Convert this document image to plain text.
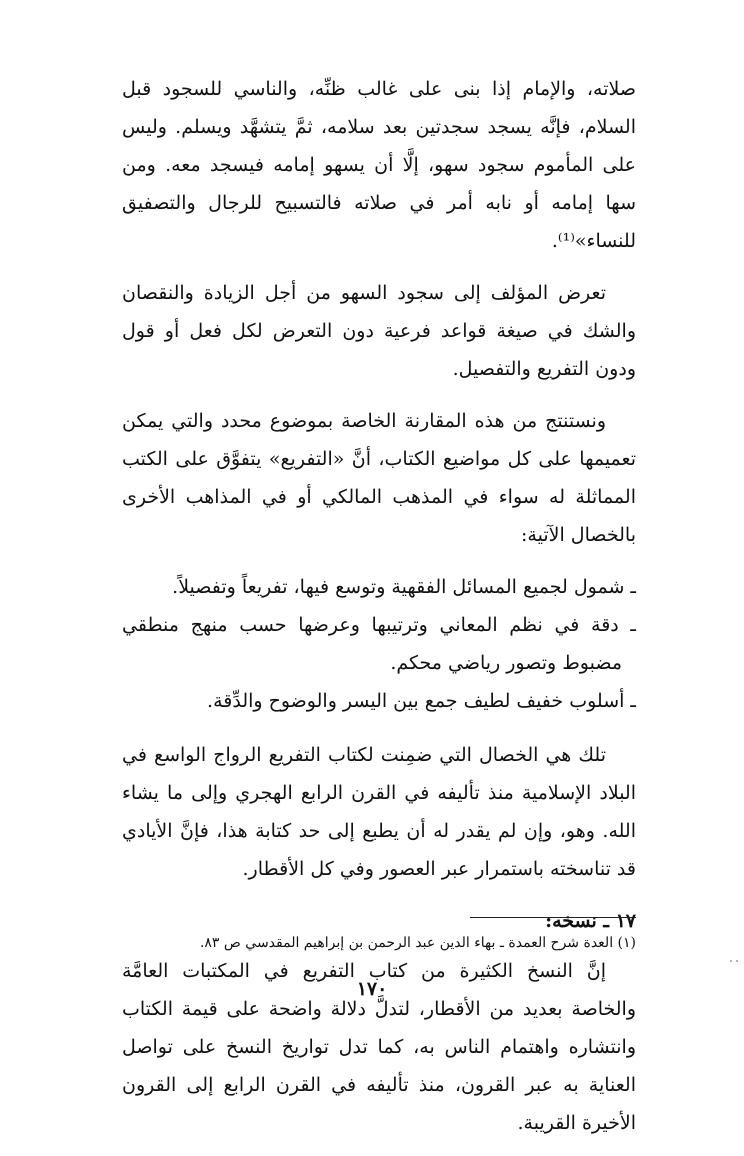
صلاته، والإمام إذا بنى على غالب ظنِّه، والناسي للسجود قبل السلام، فإنَّه يسجد سجدتين بعد سلامه، ثمَّ يتشهَّد ويسلم. وليس على المأموم سجود سهو، إلَّا أن يسهو إمامه فيسجد معه. ومن سها إمامه أو نابه أمر في صلاته فالتسبيح للرجال والتصفيق للنساء»⁽¹⁾.

تعرض المؤلف إلى سجود السهو من أجل الزيادة والنقصان والشك في صيغة قواعد فرعية دون التعرض لكل فعل أو قول ودون التفريع والتفصيل.

ونستنتج من هذه المقارنة الخاصة بموضوع محدد والتي يمكن تعميمها على كل مواضيع الكتاب، أنَّ «التفريع» يتفوَّق على الكتب المماثلة له سواء في المذهب المالكي أو في المذاهب الأخرى بالخصال الآتية:

ـ شمول لجميع المسائل الفقهية وتوسع فيها، تفريعاً وتفصيلاً.

ـ دقة في نظم المعاني وترتيبها وعرضها حسب منهج منطقي مضبوط وتصور رياضي محكم.

ـ أسلوب خفيف لطيف جمع بين اليسر والوضوح والدِّقة.

تلك هي الخصال التي ضمِنت لكتاب التفريع الرواج الواسع في البلاد الإسلامية منذ تأليفه في القرن الرابع الهجري وإلى ما يشاء الله. وهو، وإن لم يقدر له أن يطبع إلى حد كتابة هذا، فإنَّ الأيادي قد تناسخته باستمرار عبر العصور وفي كل الأقطار.

١٧ ـ نسخه:

إنَّ النسخ الكثيرة من كتاب التفريع في المكتبات العامَّة والخاصة بعديد من الأقطار، لتدلَّ دلالة واضحة على قيمة الكتاب وانتشاره واهتمام الناس به، كما تدل تواريخ النسخ على تواصل العناية به عبر القرون، منذ تأليفه في القرن الرابع إلى القرون الأخيرة القريبة.

(١) العدة شرح العمدة ـ بهاء الدين عبد الرحمن بن إبراهيم المقدسي ص ٨٣.
١٧٠
